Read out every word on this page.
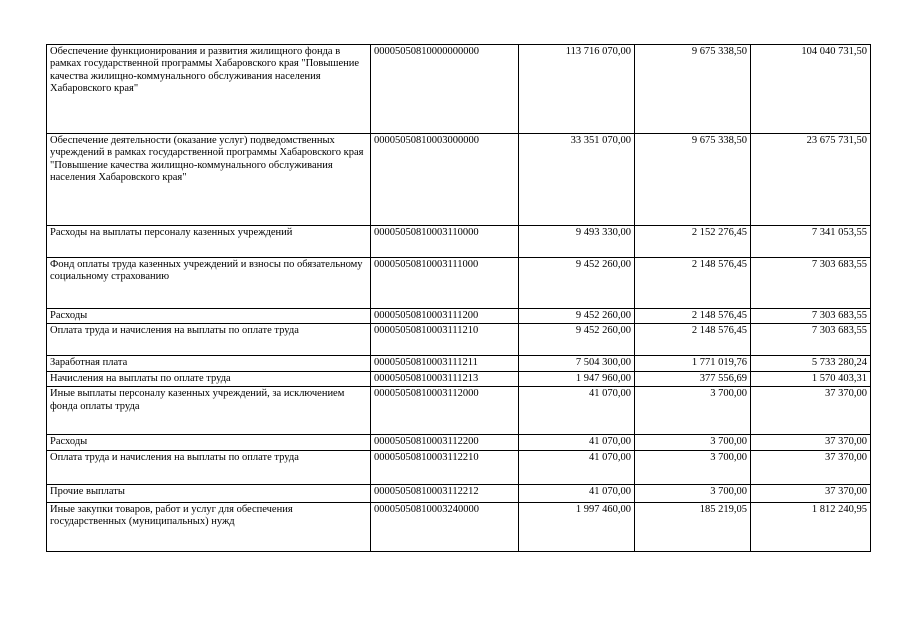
Обеспечение функционирования и развития жилищного фонда в рамках государственной программы Хабаровского края "Повышение качества жилищно-коммунального обслуживания населения Хабаровского края"	00005050810000000000	113 716 070,00	9 675 338,50	104 040 731,50
Обеспечение деятельности (оказание услуг) подведомственных учреждений в рамках государственной программы Хабаровского края "Повышение качества жилищно-коммунального обслуживания населения Хабаровского края"	00005050810003000000	33 351 070,00	9 675 338,50	23 675 731,50
Расходы на выплаты персоналу казенных учреждений	00005050810003110000	9 493 330,00	2 152 276,45	7 341 053,55
Фонд оплаты труда казенных учреждений и взносы по обязательному социальному страхованию	00005050810003111000	9 452 260,00	2 148 576,45	7 303 683,55
Расходы	00005050810003111200	9 452 260,00	2 148 576,45	7 303 683,55
Оплата труда и начисления на выплаты по оплате труда	00005050810003111210	9 452 260,00	2 148 576,45	7 303 683,55
Заработная плата	00005050810003111211	7 504 300,00	1 771 019,76	5 733 280,24
Начисления на выплаты по оплате труда	00005050810003111213	1 947 960,00	377 556,69	1 570 403,31
Иные выплаты персоналу казенных учреждений, за исключением фонда оплаты труда	00005050810003112000	41 070,00	3 700,00	37 370,00
Расходы	00005050810003112200	41 070,00	3 700,00	37 370,00
Оплата труда и начисления на выплаты по оплате труда	00005050810003112210	41 070,00	3 700,00	37 370,00
Прочие выплаты	00005050810003112212	41 070,00	3 700,00	37 370,00
Иные закупки товаров, работ и услуг для обеспечения государственных (муниципальных) нужд	00005050810003240000	1 997 460,00	185 219,05	1 812 240,95
